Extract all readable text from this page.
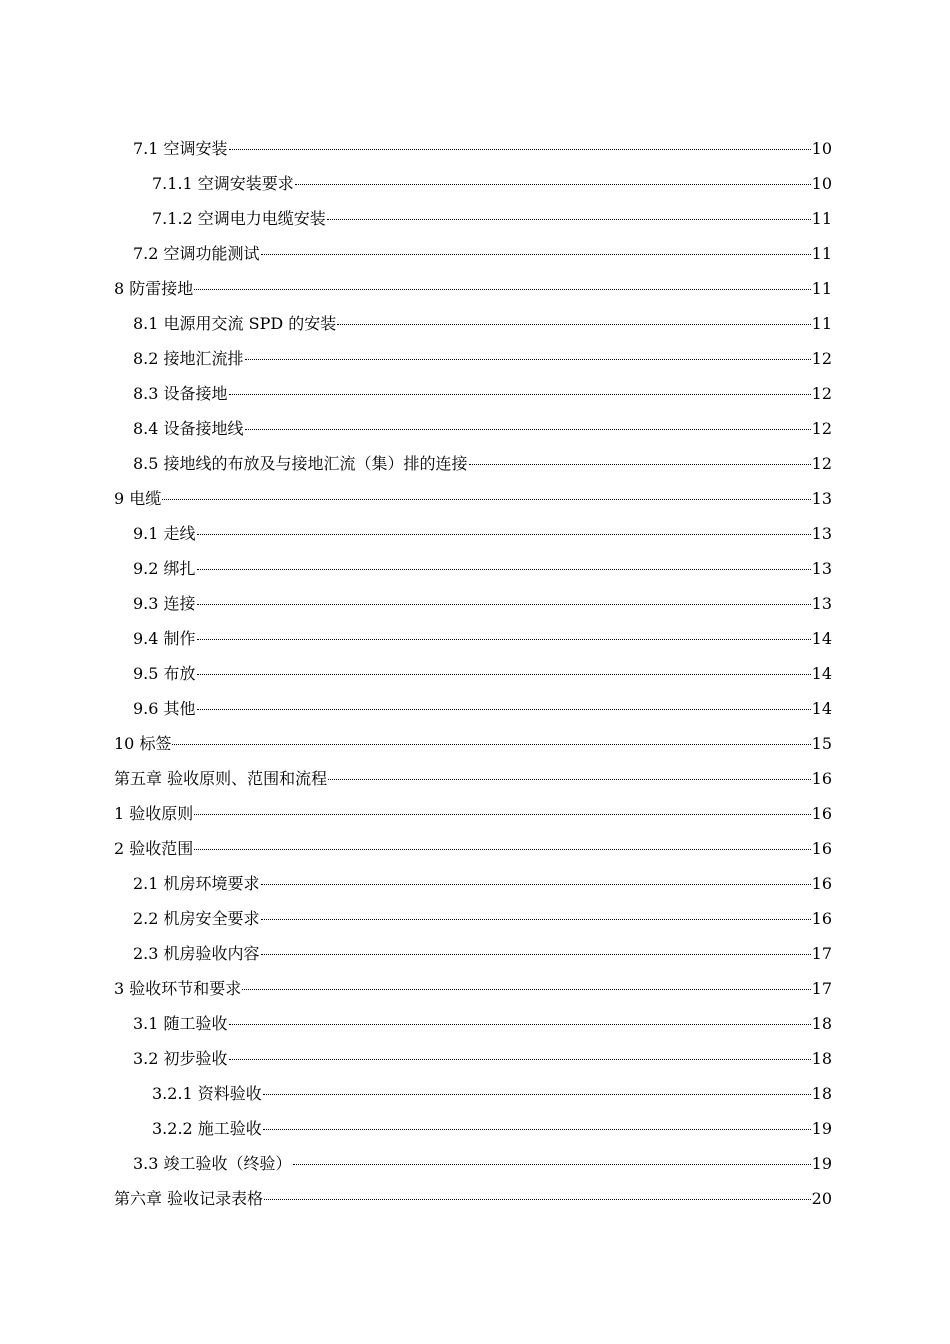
7.1 空调安装	10
7.1.1 空调安装要求	10
7.1.2 空调电力电缆安装	11
7.2 空调功能测试	11
8 防雷接地	11
8.1 电源用交流 SPD 的安装	11
8.2 接地汇流排	12
8.3 设备接地	12
8.4 设备接地线	12
8.5 接地线的布放及与接地汇流（集）排的连接	12
9 电缆	13
9.1 走线	13
9.2 绑扎	13
9.3 连接	13
9.4 制作	14
9.5 布放	14
9.6 其他	14
10 标签	15
第五章 验收原则、范围和流程	16
1 验收原则	16
2 验收范围	16
2.1 机房环境要求	16
2.2 机房安全要求	16
2.3 机房验收内容	17
3 验收环节和要求	17
3.1 随工验收	18
3.2 初步验收	18
3.2.1 资料验收	18
3.2.2 施工验收	19
3.3 竣工验收（终验）	19
第六章 验收记录表格	20
